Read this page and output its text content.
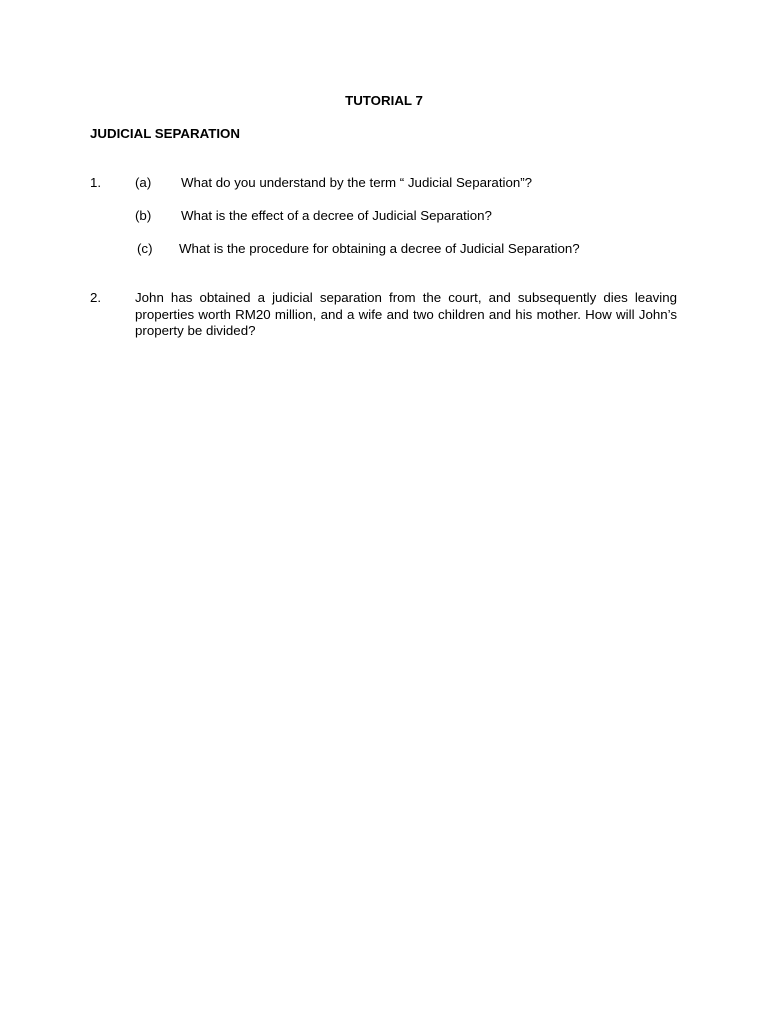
TUTORIAL 7
JUDICIAL SEPARATION
1.	(a) What do you understand by the term “ Judicial Separation”?
(b) What is the effect of a decree of Judicial Separation?
(c) What is the procedure for obtaining a decree of Judicial Separation?
2.	John has obtained a judicial separation from the court, and subsequently dies leaving properties worth RM20 million, and a wife and two children and his mother. How will John’s property be divided?
